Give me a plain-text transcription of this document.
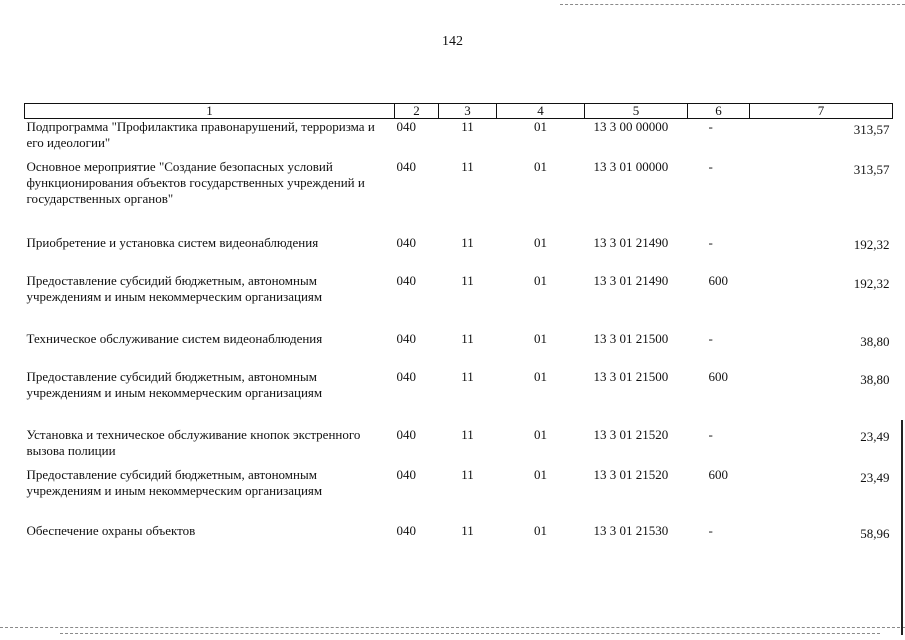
142
1	2	3	4	5	6	7
Подпрограмма "Профилактика правонарушений, терроризма и его идеологии"	040	11	01	13 3 00 00000	-	313,57
Основное мероприятие "Создание безопасных условий функционирования объектов государственных учреждений и государственных органов"	040	11	01	13 3 01 00000	-	313,57
Приобретение и установка систем видеонаблюдения	040	11	01	13 3 01 21490	-	192,32
Предоставление субсидий бюджетным, автономным учреждениям и иным некоммерческим организациям	040	11	01	13 3 01 21490	600	192,32
Техническое обслуживание систем видеонаблюдения	040	11	01	13 3 01 21500	-	38,80
Предоставление субсидий бюджетным, автономным учреждениям и иным некоммерческим организациям	040	11	01	13 3 01 21500	600	38,80
Установка и техническое обслуживание кнопок экстренного вызова полиции	040	11	01	13 3 01 21520	-	23,49
Предоставление субсидий бюджетным, автономным учреждениям и иным некоммерческим организациям	040	11	01	13 3 01 21520	600	23,49
Обеспечение охраны объектов	040	11	01	13 3 01 21530	-	58,96
